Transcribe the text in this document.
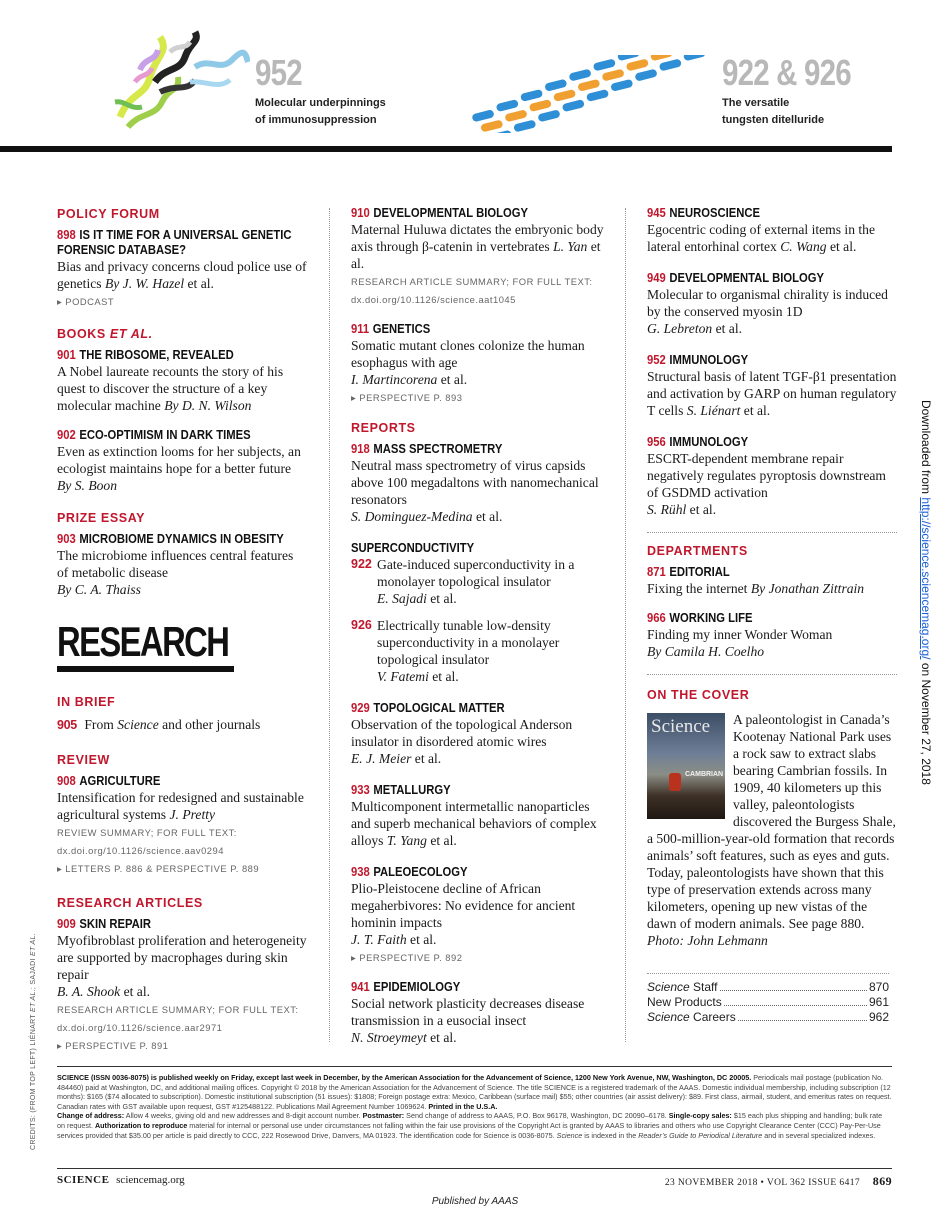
952
Molecular underpinnings
of immunosuppression
922 & 926
The versatile
tungsten ditelluride
POLICY FORUM
898 IS IT TIME FOR A UNIVERSAL GENETIC FORENSIC DATABASE?
Bias and privacy concerns cloud police use of genetics By J. W. Hazel et al.
▸ PODCAST
BOOKS ET AL.
901 THE RIBOSOME, REVEALED
A Nobel laureate recounts the story of his quest to discover the structure of a key molecular machine By D. N. Wilson
902 ECO-OPTIMISM IN DARK TIMES
Even as extinction looms for her subjects, an ecologist maintains hope for a better future By S. Boon
PRIZE ESSAY
903 MICROBIOME DYNAMICS IN OBESITY
The microbiome influences central features of metabolic disease
By C. A. Thaiss
RESEARCH
IN BRIEF
905 From Science and other journals
REVIEW
908 AGRICULTURE
Intensification for redesigned and sustainable agricultural systems J. Pretty
REVIEW SUMMARY; FOR FULL TEXT:
dx.doi.org/10.1126/science.aav0294
▸ LETTERS P. 886 & PERSPECTIVE P. 889
RESEARCH ARTICLES
909 SKIN REPAIR
Myofibroblast proliferation and heterogeneity are supported by macrophages during skin repair
B. A. Shook et al.
RESEARCH ARTICLE SUMMARY; FOR FULL TEXT:
dx.doi.org/10.1126/science.aar2971
▸ PERSPECTIVE P. 891
910 DEVELOPMENTAL BIOLOGY
Maternal Huluwa dictates the embryonic body axis through β-catenin in vertebrates L. Yan et al.
RESEARCH ARTICLE SUMMARY; FOR FULL TEXT:
dx.doi.org/10.1126/science.aat1045
911 GENETICS
Somatic mutant clones colonize the human esophagus with age
I. Martincorena et al.
▸ PERSPECTIVE P. 893
REPORTS
918 MASS SPECTROMETRY
Neutral mass spectrometry of virus capsids above 100 megadaltons with nanomechanical resonators
S. Dominguez-Medina et al.
SUPERCONDUCTIVITY
922 Gate-induced superconductivity in a monolayer topological insulator
E. Sajadi et al.
926 Electrically tunable low-density superconductivity in a monolayer topological insulator
V. Fatemi et al.
929 TOPOLOGICAL MATTER
Observation of the topological Anderson insulator in disordered atomic wires
E. J. Meier et al.
933 METALLURGY
Multicomponent intermetallic nanoparticles and superb mechanical behaviors of complex alloys T. Yang et al.
938 PALEOECOLOGY
Plio-Pleistocene decline of African megaherbivores: No evidence for ancient hominin impacts
J. T. Faith et al.
▸ PERSPECTIVE P. 892
941 EPIDEMIOLOGY
Social network plasticity decreases disease transmission in a eusocial insect
N. Stroeymeyt et al.
945 NEUROSCIENCE
Egocentric coding of external items in the lateral entorhinal cortex C. Wang et al.
949 DEVELOPMENTAL BIOLOGY
Molecular to organismal chirality is induced by the conserved myosin 1D
G. Lebreton et al.
952 IMMUNOLOGY
Structural basis of latent TGF-β1 presentation and activation by GARP on human regulatory T cells S. Liénart et al.
956 IMMUNOLOGY
ESCRT-dependent membrane repair negatively regulates pyroptosis downstream of GSDMD activation
S. Rühl et al.
DEPARTMENTS
871 EDITORIAL
Fixing the internet By Jonathan Zittrain
966 WORKING LIFE
Finding my inner Wonder Woman
By Camila H. Coelho
ON THE COVER
Science
CAMBRIAN
A paleontologist in Canada’s Kootenay National Park uses a rock saw to extract slabs bearing Cambrian fossils. In 1909, 40 kilometers up this valley, paleontologists discovered the Burgess Shale, a 500-million-year-old formation that records animals’ soft features, such as eyes and guts. Today, paleontologists have shown that this type of preservation extends across many kilometers, opening up new vistas of the dawn of modern animals. See page 880.
Photo: John Lehmann
Science Staff	870
New Products	961
Science Careers	962
SCIENCE (ISSN 0036-8075) is published weekly on Friday, except last week in December, by the American Association for the Advancement of Science, 1200 New York Avenue, NW, Washington, DC 20005. Periodicals mail postage (publication No. 484460) paid at Washington, DC, and additional mailing offices. Copyright © 2018 by the American Association for the Advancement of Science. The title SCIENCE is a registered trademark of the AAAS. Domestic individual membership, including subscription (12 months): $165 ($74 allocated to subscription). Domestic institutional subscription (51 issues): $1808; Foreign postage extra: Mexico, Caribbean (surface mail) $55; other countries (air assist delivery): $89. First class, airmail, student, and emeritus rates on request. Canadian rates with GST available upon request, GST #125488122. Publications Mail Agreement Number 1069624. Printed in the U.S.A.
Change of address: Allow 4 weeks, giving old and new addresses and 8-digit account number. Postmaster: Send change of address to AAAS, P.O. Box 96178, Washington, DC 20090–6178. Single-copy sales: $15 each plus shipping and handling; bulk rate on request. Authorization to reproduce material for internal or personal use under circumstances not falling within the fair use provisions of the Copyright Act is granted by AAAS to libraries and others who use Copyright Clearance Center (CCC) Pay-Per-Use services provided that $35.00 per article is paid directly to CCC, 222 Rosewood Drive, Danvers, MA 01923. The identification code for Science is 0036-8075. Science is indexed in the Reader’s Guide to Periodical Literature and in several specialized indexes.
SCIENCE sciencemag.org	23 NOVEMBER 2018 • VOL 362 ISSUE 6417 869
Published by AAAS
CREDITS: (FROM TOP LEFT) LIÉNART ET AL.; SAJADI ET AL.
Downloaded from http://science.sciencemag.org/ on November 27, 2018
